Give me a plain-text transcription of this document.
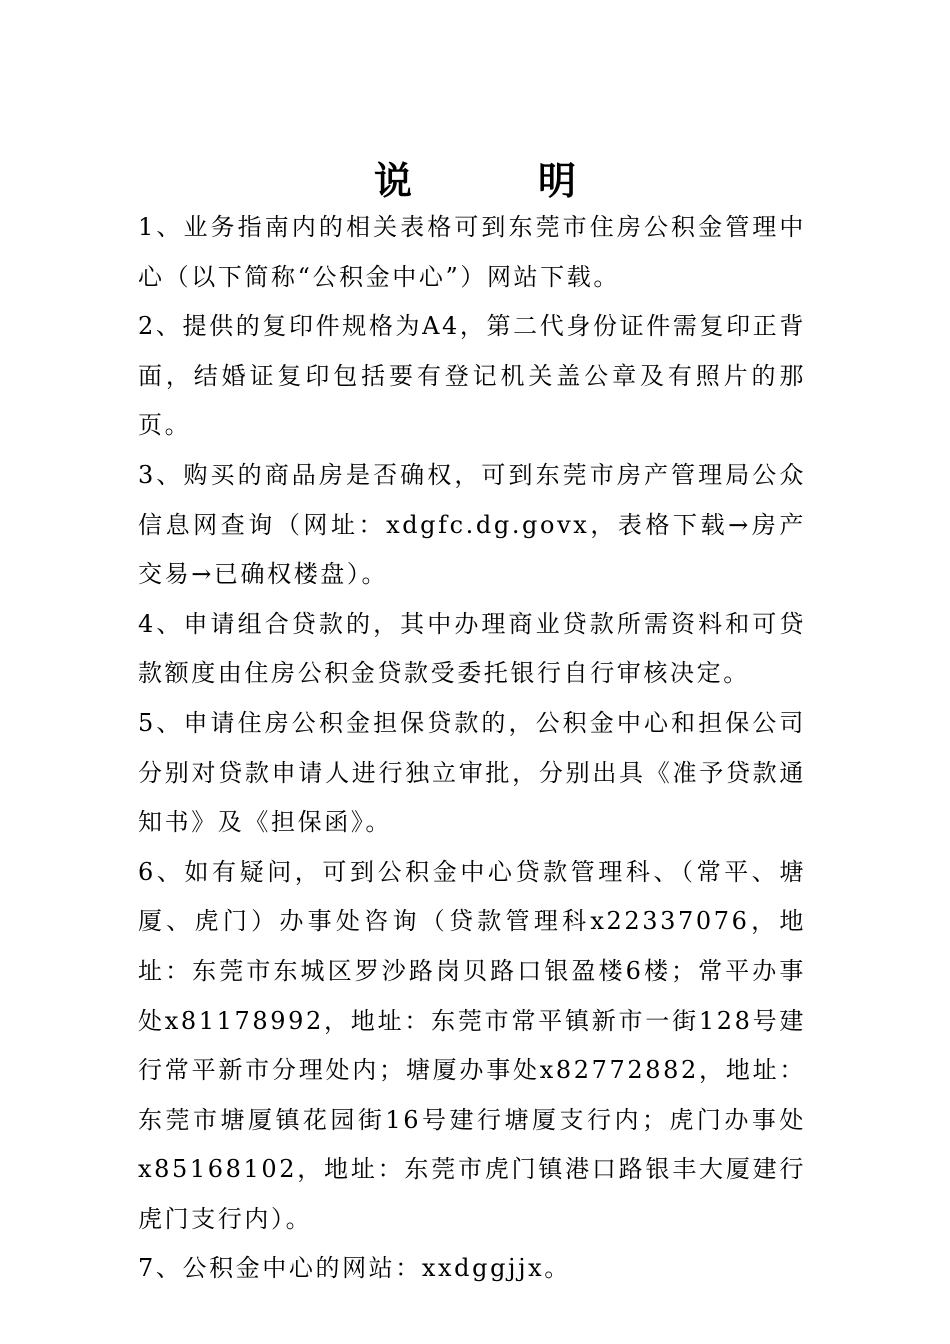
说　明

1、业务指南内的相关表格可到东莞市住房公积金管理中心（以下简称“公积金中心”）网站下载。

2、提供的复印件规格为A4，第二代身份证件需复印正背面，结婚证复印包括要有登记机关盖公章及有照片的那页。

3、购买的商品房是否确权，可到东莞市房产管理局公众信息网查询（网址：xdgfc.dg.govx，表格下载→房产交易→已确权楼盘）。

4、申请组合贷款的，其中办理商业贷款所需资料和可贷款额度由住房公积金贷款受委托银行自行审核决定。

5、申请住房公积金担保贷款的，公积金中心和担保公司分别对贷款申请人进行独立审批，分别出具《准予贷款通知书》及《担保函》。

6、如有疑问，可到公积金中心贷款管理科、（常平、塘厦、虎门）办事处咨询（贷款管理科x22337076，地址：东莞市东城区罗沙路岗贝路口银盈楼6楼；常平办事处x81178992，地址：东莞市常平镇新市一街128号建行常平新市分理处内；塘厦办事处x82772882，地址：东莞市塘厦镇花园街16号建行塘厦支行内；虎门办事处x85168102，地址：东莞市虎门镇港口路银丰大厦建行虎门支行内）。

7、公积金中心的网站：xxdggjjx。
